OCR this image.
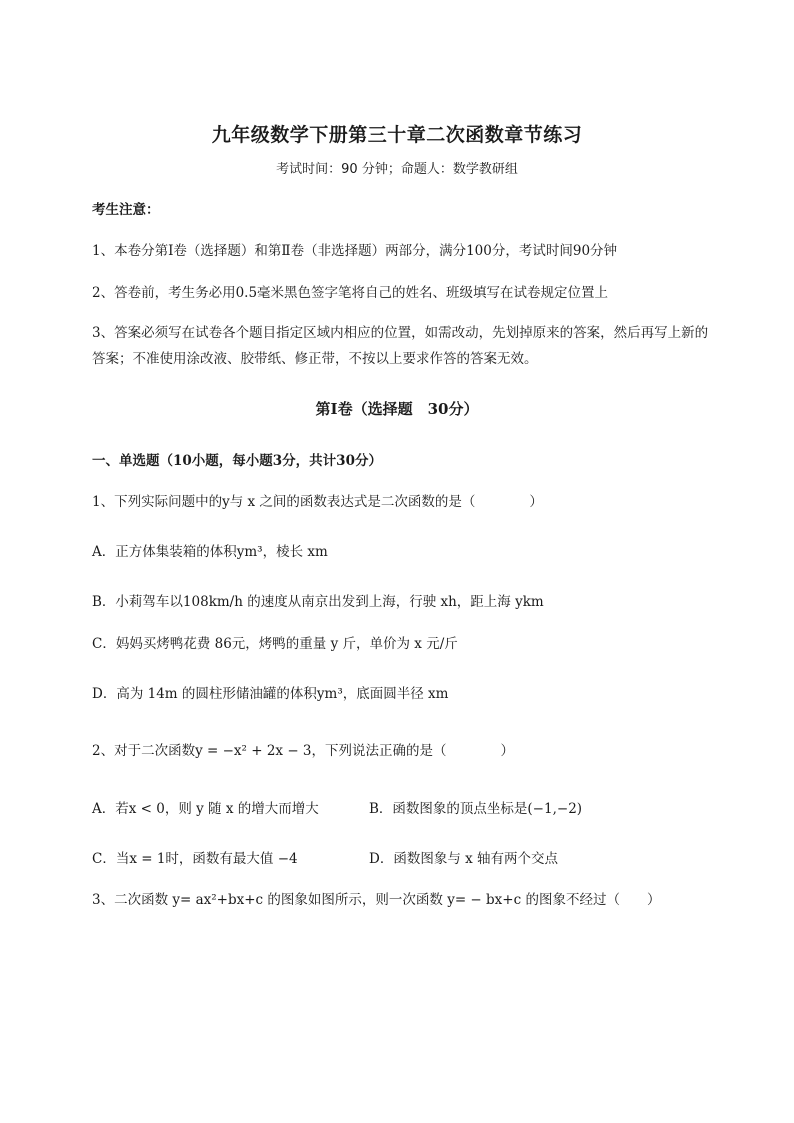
九年级数学下册第三十章二次函数章节练习
考试时间：90 分钟；命题人：数学教研组
考生注意：
1、本卷分第Ⅰ卷（选择题）和第Ⅱ卷（非选择题）两部分，满分100分，考试时间90分钟
2、答卷前，考生务必用0.5毫米黑色签字笔将自己的姓名、班级填写在试卷规定位置上
3、答案必须写在试卷各个题目指定区域内相应的位置，如需改动，先划掉原来的答案，然后再写上新的答案；不准使用涂改液、胶带纸、修正带，不按以上要求作答的答案无效。
第Ⅰ卷（选择题　30分）
一、单选题（10小题，每小题3分，共计30分）
1、下列实际问题中的y与 x 之间的函数表达式是二次函数的是（　　　　）
A．正方体集装箱的体积ym³，棱长 xm
B．小莉驾车以108km/h 的速度从南京出发到上海，行驶 xh，距上海 ykm
C．妈妈买烤鸭花费 86元，烤鸭的重量 y 斤，单价为 x 元/斤
D．高为 14m 的圆柱形储油罐的体积ym³，底面圆半径 xm
2、对于二次函数y = −x² + 2x − 3，下列说法正确的是（　　　　）
A．若x < 0，则 y 随 x 的增大而增大	B．函数图象的顶点坐标是(−1,−2)
C．当x = 1时，函数有最大值 −4	D．函数图象与 x 轴有两个交点
3、二次函数 y= ax²+bx+c 的图象如图所示，则一次函数 y= − bx+c 的图象不经过（　　）
